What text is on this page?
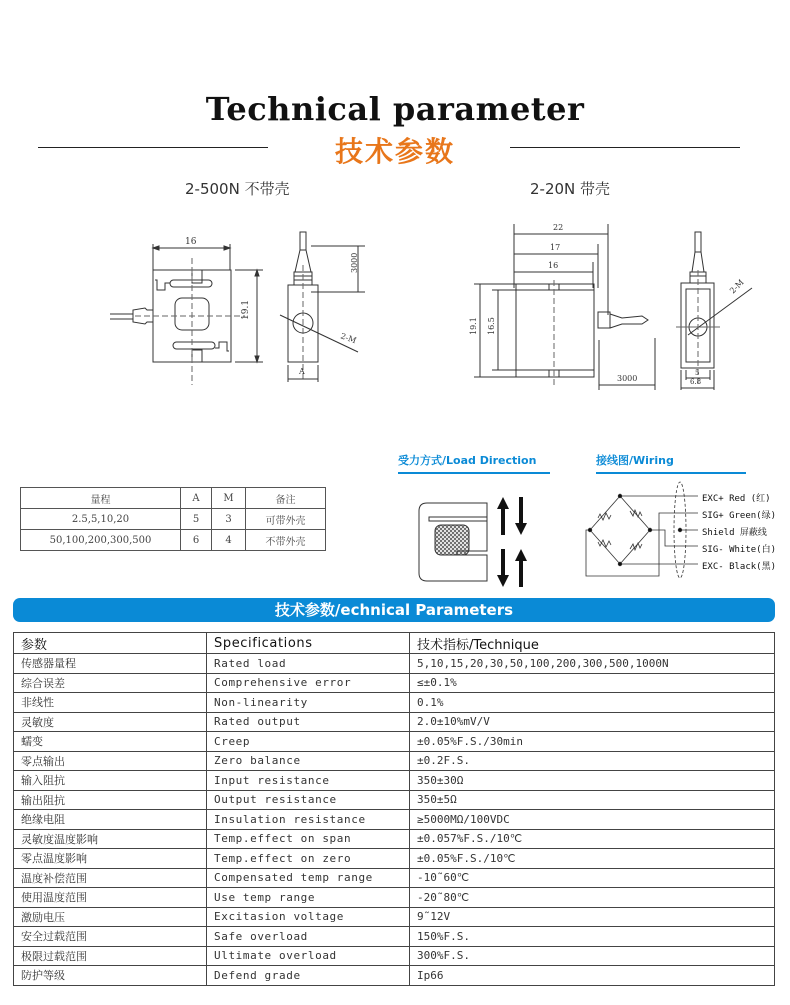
Technical parameter
技术参数
2-500N 不带壳	2-20N 带壳
16
19.1
3000
2-M
A
22
17
16
19.1 16.5
3000
2-M
5
6.8
量程	A	M	备注
2.5,5,10,20	5	3	可带外壳
50,100,200,300,500	6	4	不带外壳
受力方式/Load Direction	接线图/Wiring
EXC+ Red (红)
SIG+ Green(绿)
Shield 屏蔽线
SIG- White(白)
EXC- Black(黑)
技术参数/echnical Parameters
参数	Specifications	技术指标/Technique
传感器量程	Rated load	5,10,15,20,30,50,100,200,300,500,1000N
综合误差	Comprehensive error	≤±0.1%
非线性	Non-linearity	0.1%
灵敏度	Rated output	2.0±10%mV/V
蠕变	Creep	±0.05%F.S./30min
零点输出	Zero balance	±0.2F.S.
输入阻抗	Input resistance	350±30Ω
输出阻抗	Output resistance	350±5Ω
绝缘电阻	Insulation resistance	≥5000MΩ/100VDC
灵敏度温度影响	Temp.effect on span	±0.057%F.S./10℃
零点温度影响	Temp.effect on zero	±0.05%F.S./10℃
温度补偿范围	Compensated temp range	-10˜60℃
使用温度范围	Use temp range	-20˜80℃
激励电压	Excitasion voltage	9˜12V
安全过载范围	Safe overload	150%F.S.
极限过载范围	Ultimate overload	300%F.S.
防护等级	Defend grade	Ip66
